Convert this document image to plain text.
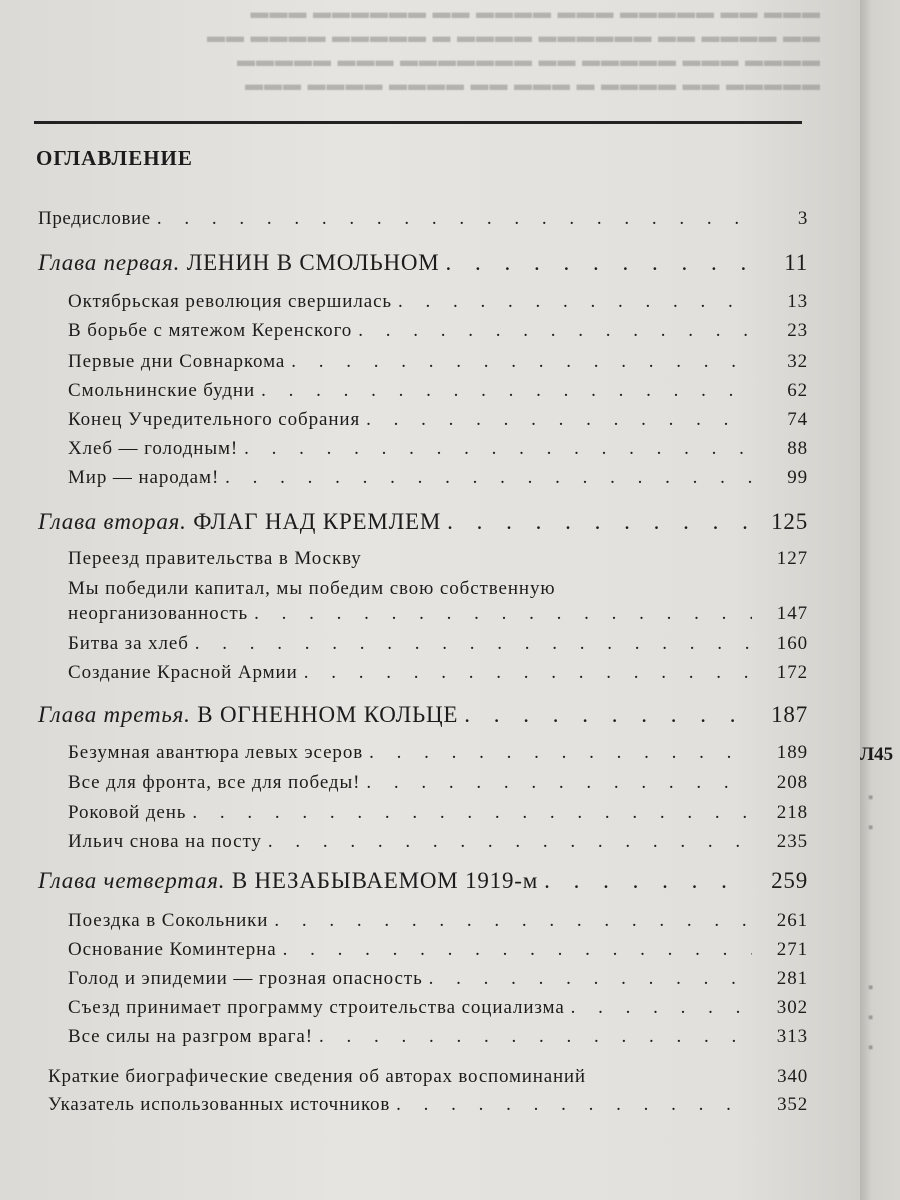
▬▬▬ ▬▬ ▬▬▬▬▬ ▬▬▬ ▬▬▬▬ ▬▬ ▬▬▬▬▬▬ ▬▬▬
▬▬ ▬▬▬▬ ▬▬ ▬▬▬▬▬▬ ▬▬▬▬ ▬ ▬▬▬▬▬ ▬▬▬▬ ▬▬
▬▬▬▬ ▬▬▬ ▬▬▬▬▬ ▬▬ ▬▬▬▬▬▬▬ ▬▬▬ ▬▬▬▬▬
▬▬▬▬▬ ▬▬ ▬▬▬▬ ▬ ▬▬▬ ▬▬ ▬▬▬▬ ▬▬▬▬ ▬▬▬
ОГЛАВЛЕНИЕ
Предисловие . . .	3
Глава первая. ЛЕНИН В СМОЛЬНОМ . . .	11
Октябрьская революция свершилась . . .	13
В борьбе с мятежом Керенского . . .	23
Первые дни Совнаркома . . .	32
Смольнинские будни . . .	62
Конец Учредительного собрания . . .	74
Хлеб — голодным! . . .	88
Мир — народам! . . .	99
Глава вторая. ФЛАГ НАД КРЕМЛЕМ . . .	125
Переезд правительства в Москву	127
Мы победили капитал, мы победим свою собственную
неорганизованность . . .	147
Битва за хлеб . . .	160
Создание Красной Армии . . .	172
Глава третья. В ОГНЕННОМ КОЛЬЦЕ . . .	187
Безумная авантюра левых эсеров . . .	189
Все для фронта, все для победы! . . .	208
Роковой день . . .	218
Ильич снова на посту . . .	235
Глава четвертая. В НЕЗАБЫВАЕМОМ 1919-м . . .	259
Поездка в Сокольники . . .	261
Основание Коминтерна . . .	271
Голод и эпидемии — грозная опасность . . .	281
Съезд принимает программу строительства социализма . . .	302
Все силы на разгром врага! . . .	313
Краткие биографические сведения об авторах воспоминаний	340
Указатель использованных источников . . .	352
Л45
▪
▪
▪
▪
▪
